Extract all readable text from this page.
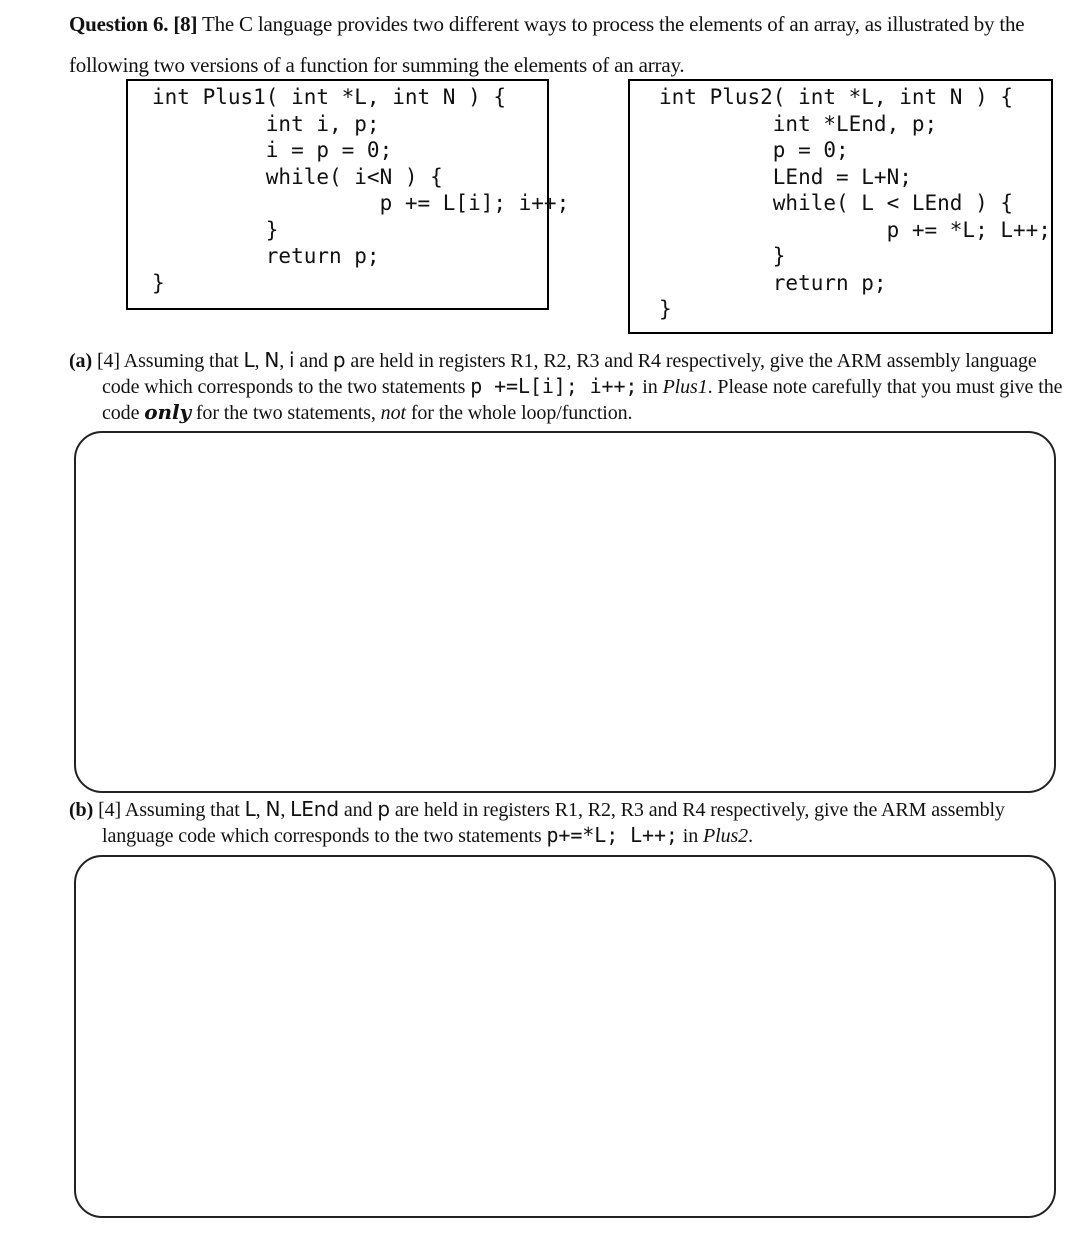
Question 6. [8] The C language provides two different ways to process the elements of an array, as illustrated by the following two versions of a function for summing the elements of an array.
int Plus1( int *L, int N ) {
int i, p;
i = p = 0;
while( i<N ) {
p += L[i]; i++;
}
return p;
}
int Plus2( int *L, int N ) {
int *LEnd, p;
p = 0;
LEnd = L+N;
while( L < LEnd ) {
p += *L; L++;
}
return p;
}
(a) [4] Assuming that L, N, i and p are held in registers R1, R2, R3 and R4 respectively, give the ARM assembly language code which corresponds to the two statements p +=L[i]; i++; in Plus1. Please note carefully that you must give the code only for the two statements, not for the whole loop/function.
(b) [4] Assuming that L, N, LEnd and p are held in registers R1, R2, R3 and R4 respectively, give the ARM assembly language code which corresponds to the two statements p+=*L; L++; in Plus2.
